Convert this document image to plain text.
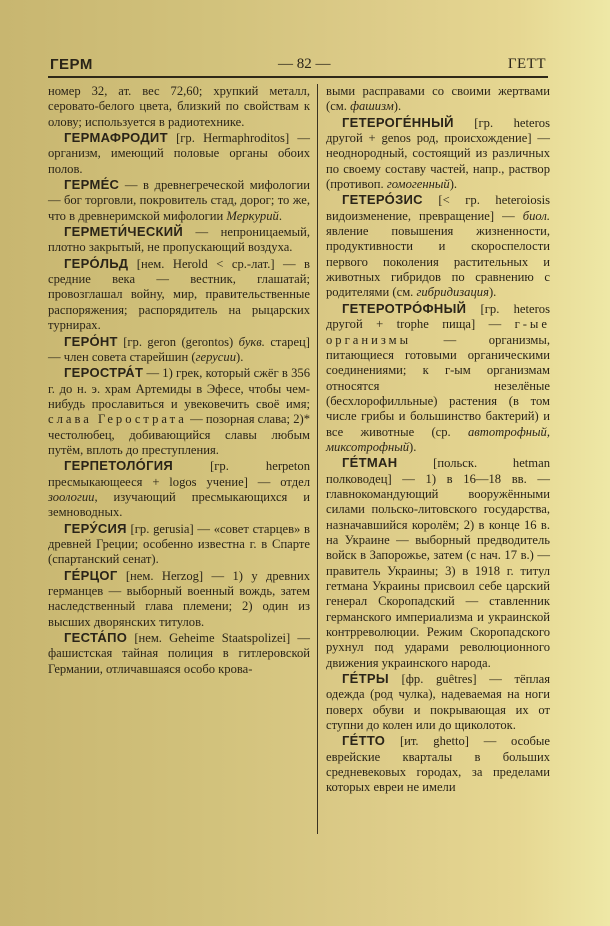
ГЕРМ	— 82 —	ГЕТТ

номер 32, ат. вес 72,60; хрупкий металл, серовато-белого цвета, близкий по свойствам к олову; используется в радиотехнике.

ГЕРМАФРОДИТ [гр. Hermaphroditos] — организм, имеющий половые органы обоих полов.

ГЕРМЕ́С — в древнегреческой мифологии — бог торговли, покровитель стад, дорог; то же, что в древнеримской мифологии Меркурий.

ГЕРМЕТИ́ЧЕСКИЙ — непроницаемый, плотно закрытый, не пропускающий воздуха.

ГЕРО́ЛЬД [нем. Herold < ср.-лат.] — в средние века — вестник, глашатай; провозглашал войну, мир, правительственные распоряжения; распорядитель на рыцарских турнирах.

ГЕРО́НТ [гр. geron (gerontos) букв. старец] — член совета старейшин (герусии).

ГЕРОСТРА́Т — 1) грек, который сжёг в 356 г. до н. э. храм Артемиды в Эфесе, чтобы чем-нибудь прославиться и увековечить своё имя; слава Герострата — позорная слава; 2)* честолюбец, добивающийся славы любым путём, вплоть до преступления.

ГЕРПЕТОЛО́ГИЯ [гр. herpeton пресмыкающееся + logos учение] — отдел зоологии, изучающий пресмыкающихся и земноводных.

ГЕРУ́СИЯ [гр. gerusia] — «совет старцев» в древней Греции; особенно известна г. в Спарте (спартанский сенат).

ГЕ́РЦОГ [нем. Herzog] — 1) у древних германцев — выборный военный вождь, затем наследственный глава племени; 2) один из высших дворянских титулов.

ГЕСТА́ПО [нем. Geheime Staatspolizei] — фашистская тайная полиция в гитлеровской Германии, отличавшаяся особо крова-

выми расправами со своими жертвами (см. фашизм).

ГЕТЕРОГЕ́ННЫЙ [гр. heteros другой + genos род, происхождение] — неоднородный, состоящий из различных по своему составу частей, напр., раствор (противоп. гомогенный).

ГЕТЕРО́ЗИС [< гр. heteroiosis видоизменение, превращение] — биол. явление повышения жизненности, продуктивности и скороспелости первого поколения растительных и животных гибридов по сравнению с родителями (см. гибридизация).

ГЕТЕРОТРО́ФНЫЙ [гр. heteros другой + trophe пища] — г-ые организмы — организмы, питающиеся готовыми органическими соединениями; к г-ым организмам относятся незелёные (бесхлорофилльные) растения (в том числе грибы и большинство бактерий) и все животные (ср. автотрофный, миксотрофный).

ГЕ́ТМАН [польск. hetman полководец] — 1) в 16—18 вв. — главнокомандующий вооружёнными силами польско-литовского государства, назначавшийся королём; 2) в конце 16 в. на Украине — выборный предводитель войск в Запорожье, затем (с нач. 17 в.) — правитель Украины; 3) в 1918 г. титул гетмана Украины присвоил себе царский генерал Скоропадский — ставленник германского империализма и украинской контрреволюции. Режим Скоропадского рухнул под ударами революционного движения украинского народа.

ГЕ́ТРЫ [фр. guêtres] — тёплая одежда (род чулка), надеваемая на ноги поверх обуви и покрывающая их от ступни до колен или до щиколоток.

ГЕ́ТТО [ит. ghetto] — особые еврейские кварталы в больших средневековых городах, за пределами которых евреи не имели
